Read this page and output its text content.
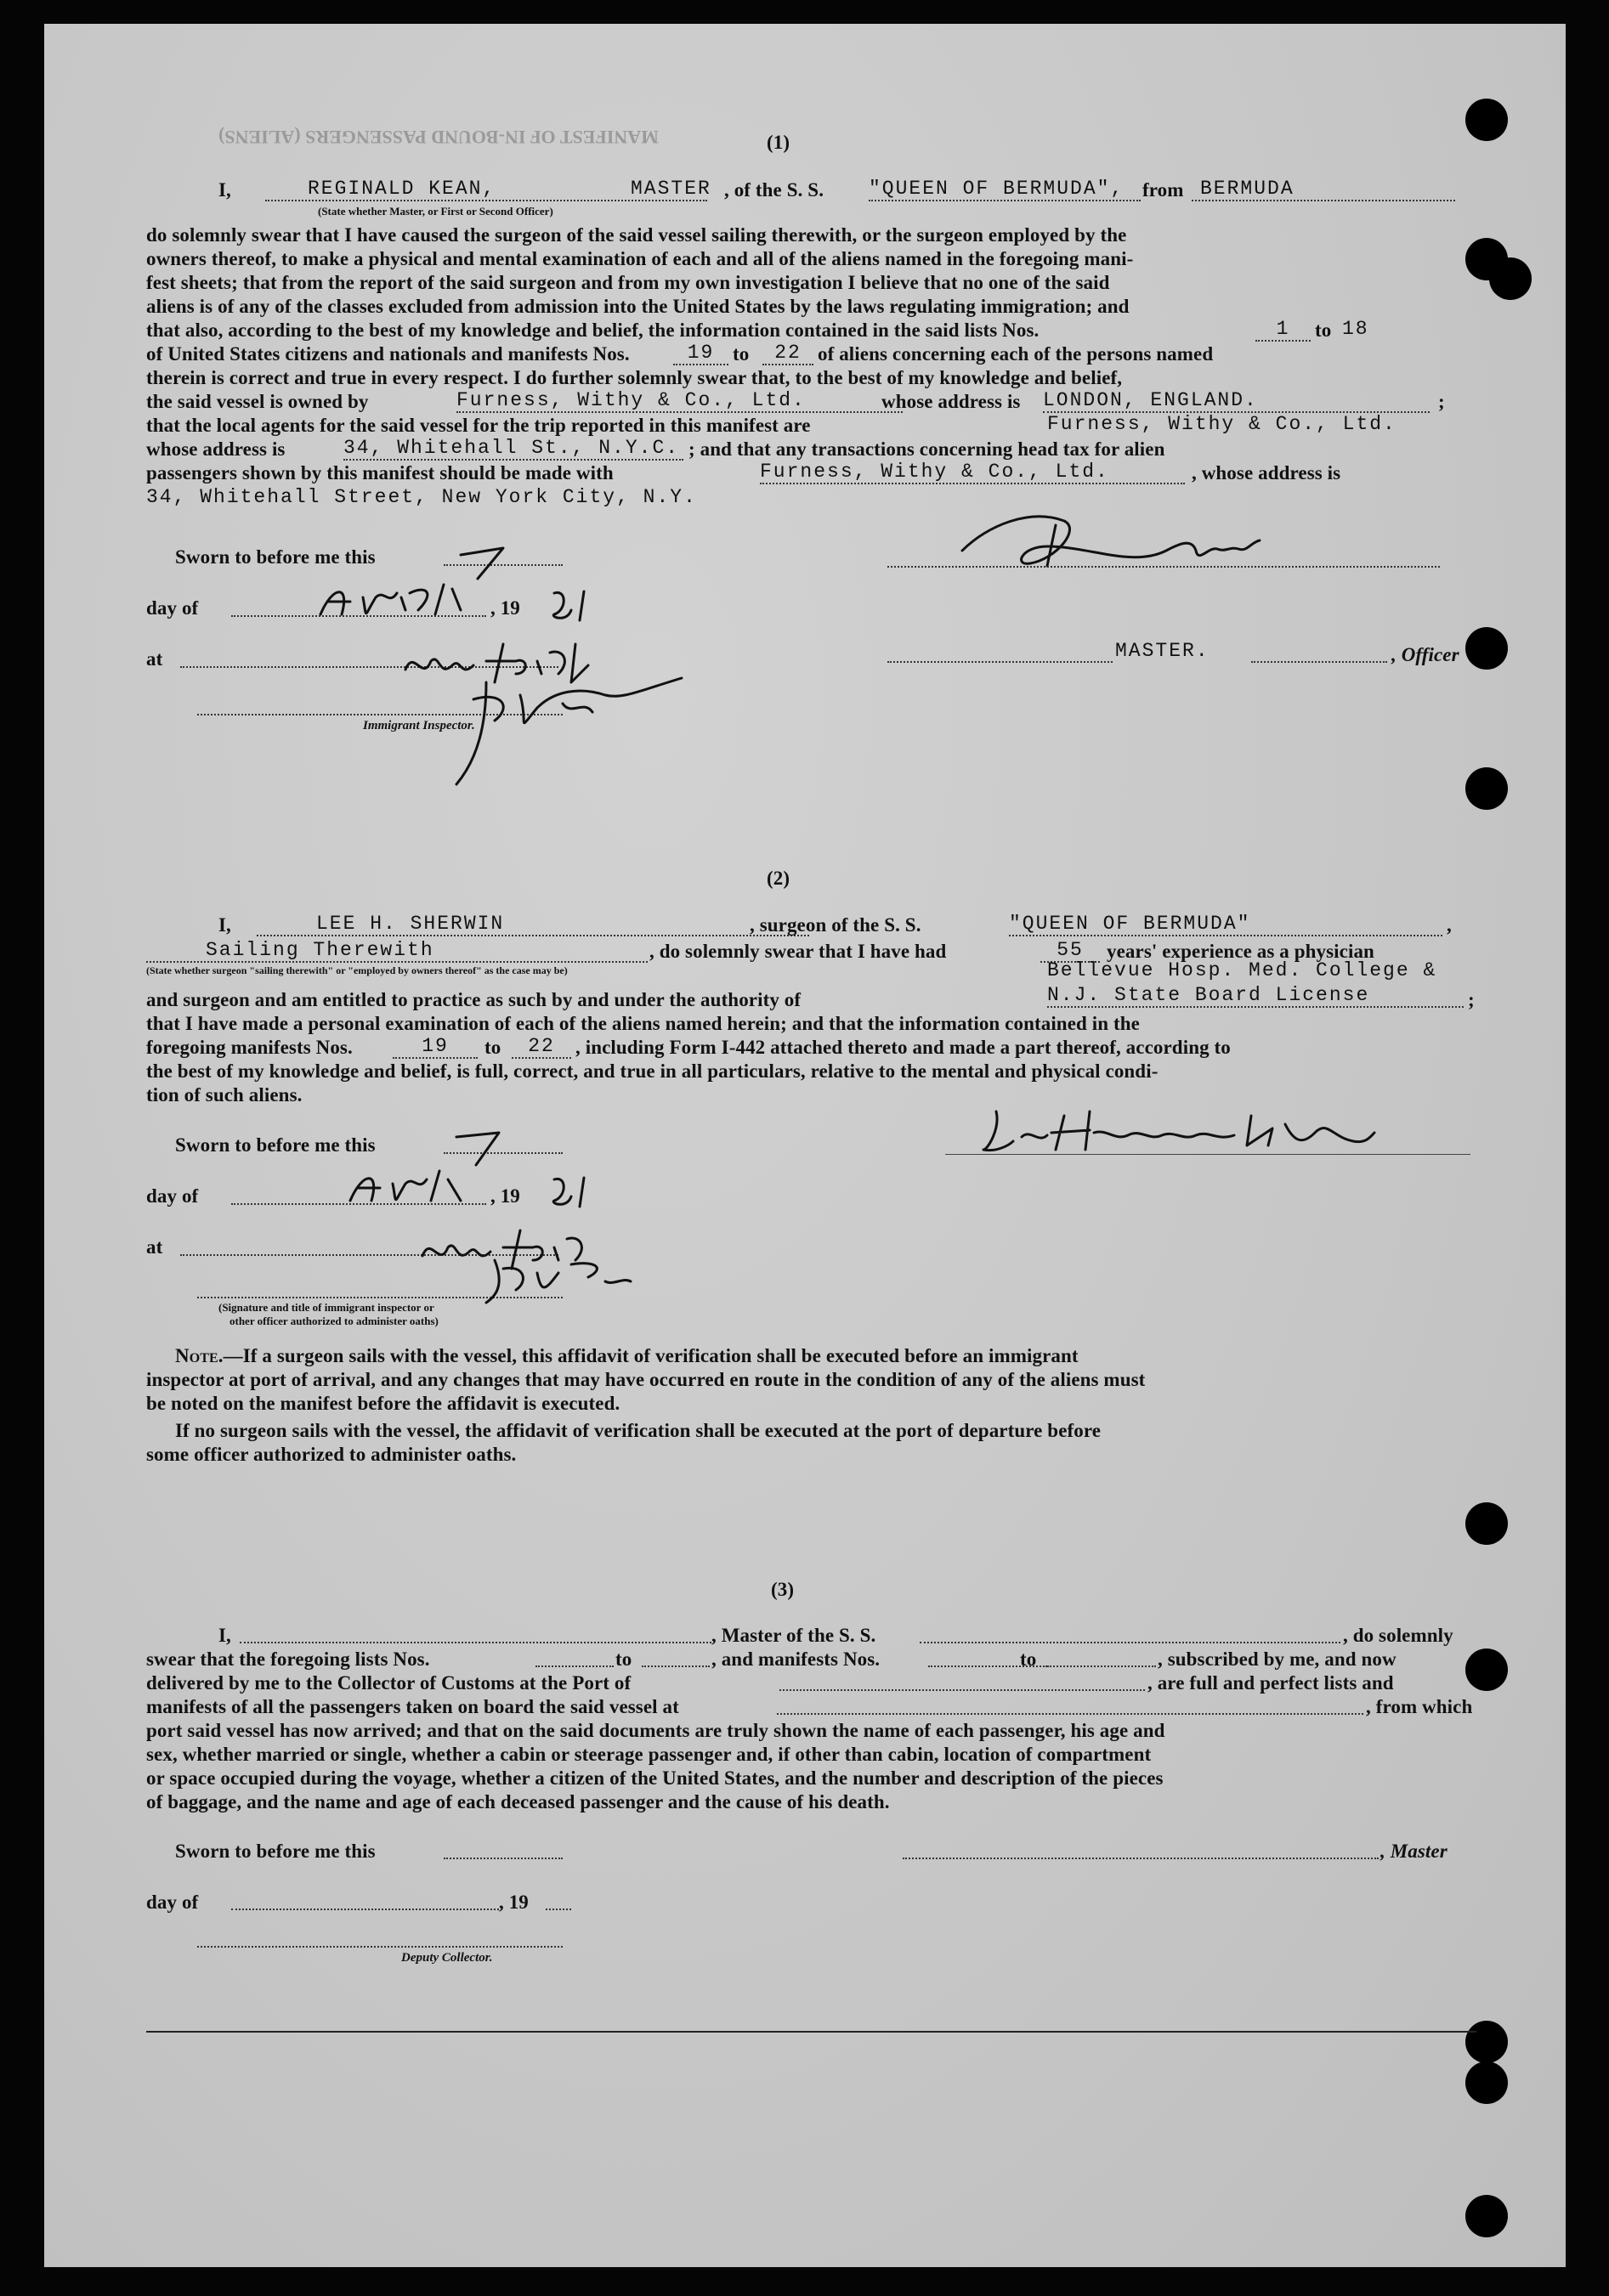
MANIFEST OF IN-BOUND PASSENGERS (ALIENS)	(1)
I,	REGINALD KEAN,	MASTER , of the S. S. "QUEEN OF BERMUDA", from BERMUDA
(State whether Master, or First or Second Officer)
do solemnly swear that I have caused the surgeon of the said vessel sailing therewith, or the surgeon employed by the
owners thereof, to make a physical and mental examination of each and all of the aliens named in the foregoing mani-
fest sheets; that from the report of the said surgeon and from my own investigation I believe that no one of the said
aliens is of any of the classes excluded from admission into the United States by the laws regulating immigration; and
that also, according to the best of my knowledge and belief, the information contained in the said lists Nos.	1	to 18
of United States citizens and nationals and manifests Nos.	19 to	22 of aliens concerning each of the persons named
therein is correct and true in every respect. I do further solemnly swear that, to the best of my knowledge and belief,
the said vessel is owned by	Furness, Withy & Co., Ltd.	whose address is LONDON, ENGLAND.	;
that the local agents for the said vessel for the trip reported in this manifest are	Furness, Withy & Co., Ltd.
whose address is	34, Whitehall St., N.Y.C. ; and that any transactions concerning head tax for alien
passengers shown by this manifest should be made with	Furness, Withy & Co., Ltd.	, whose address is
34, Whitehall Street, New York City, N.Y.
Sworn to before me this
day of	, 19
at
Immigrant Inspector.
MASTER.	, Officer
(2)
I,	LEE H. SHERWIN	, surgeon of the S. S.	"QUEEN OF BERMUDA"	,
Sailing Therewith	, do solemnly swear that I have had	55	years' experience as a physician
(State whether surgeon "sailing therewith" or "employed by owners thereof" as the case may be)	Bellevue Hosp. Med. College &
and surgeon and am entitled to practice as such by and under the authority of	N.J. State Board License	;
that I have made a personal examination of each of the aliens named herein; and that the information contained in the
foregoing manifests Nos.	19	to	22	, including Form I-442 attached thereto and made a part thereof, according to
the best of my knowledge and belief, is full, correct, and true in all particulars, relative to the mental and physical condi-
tion of such aliens.
Sworn to before me this
day of	, 19
at
(Signature and title of immigrant inspector or
other officer authorized to administer oaths)
Note.—If a surgeon sails with the vessel, this affidavit of verification shall be executed before an immigrant
inspector at port of arrival, and any changes that may have occurred en route in the condition of any of the aliens must
be noted on the manifest before the affidavit is executed.
If no surgeon sails with the vessel, the affidavit of verification shall be executed at the port of departure before
some officer authorized to administer oaths.
(3)
I,	, Master of the S. S.	, do solemnly
swear that the foregoing lists Nos.	to	, and manifests Nos.	to	, subscribed by me, and now
delivered by me to the Collector of Customs at the Port of	, are full and perfect lists and
manifests of all the passengers taken on board the said vessel at	, from which
port said vessel has now arrived; and that on the said documents are truly shown the name of each passenger, his age and
sex, whether married or single, whether a cabin or steerage passenger and, if other than cabin, location of compartment
or space occupied during the voyage, whether a citizen of the United States, and the number and description of the pieces
of baggage, and the name and age of each deceased passenger and the cause of his death.
Sworn to before me this	, Master
day of	, 19
Deputy Collector.
